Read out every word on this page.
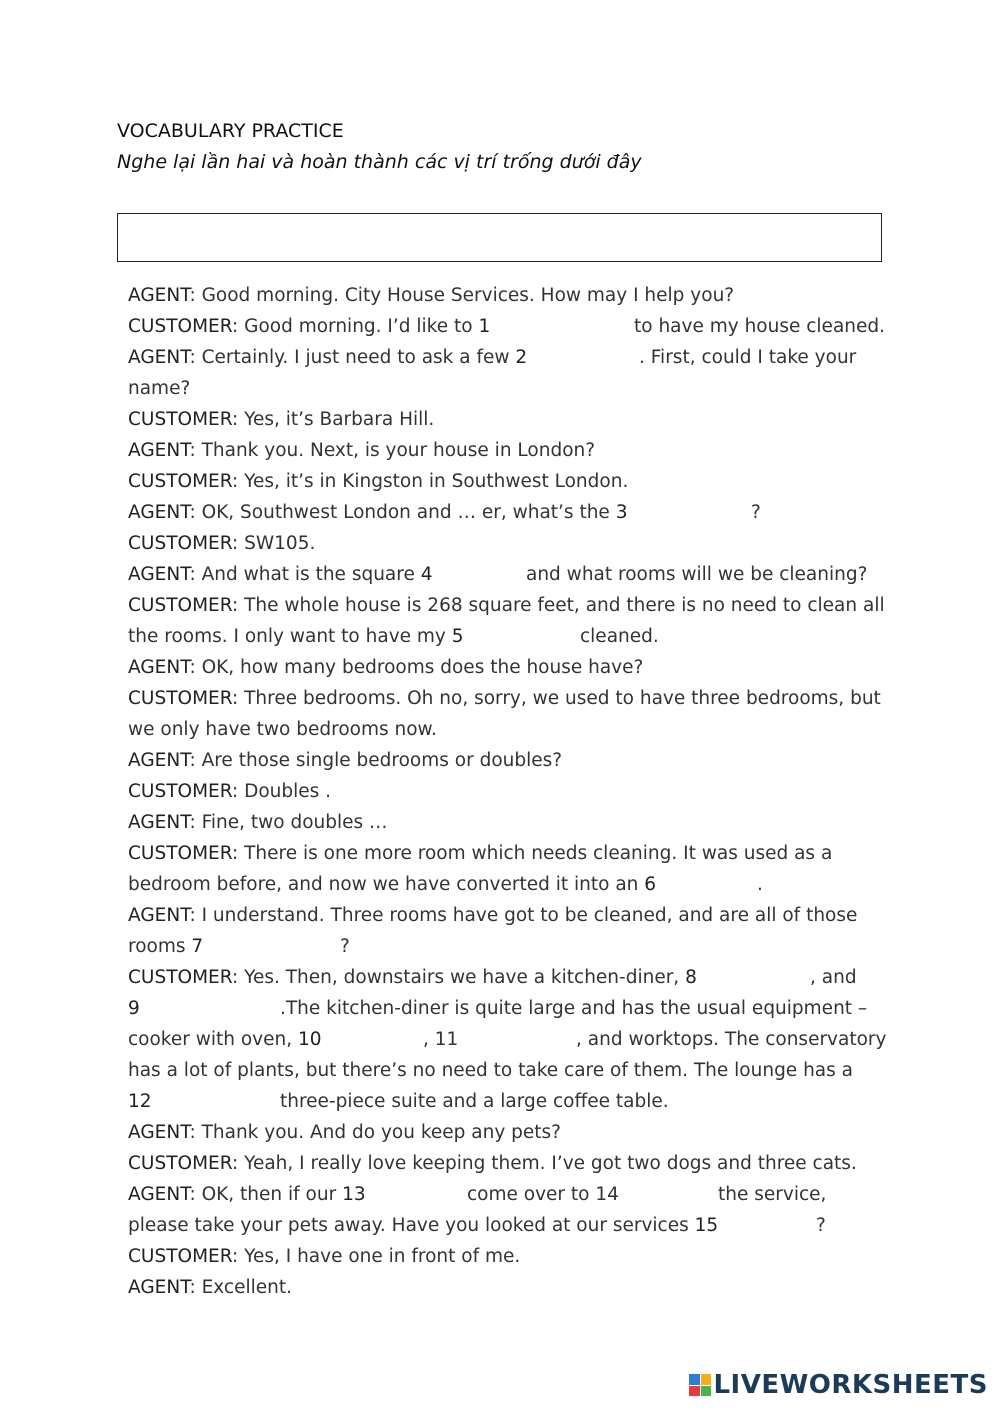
VOCABULARY PRACTICE
Nghe lại lần hai và hoàn thành các vị trí trống dưới đây
AGENT: Good morning. City House Services. How may I help you?
CUSTOMER: Good morning. I’d like to 1	to have my house cleaned.
AGENT: Certainly. I just need to ask a few 2	. First, could I take your
name?
CUSTOMER: Yes, it’s Barbara Hill.
AGENT: Thank you. Next, is your house in London?
CUSTOMER: Yes, it’s in Kingston in Southwest London.
AGENT: OK, Southwest London and … er, what’s the 3	?
CUSTOMER: SW105.
AGENT: And what is the square 4	and what rooms will we be cleaning?
CUSTOMER: The whole house is 268 square feet, and there is no need to clean all
the rooms. I only want to have my 5	cleaned.
AGENT: OK, how many bedrooms does the house have?
CUSTOMER: Three bedrooms. Oh no, sorry, we used to have three bedrooms, but
we only have two bedrooms now.
AGENT: Are those single bedrooms or doubles?
CUSTOMER: Doubles .
AGENT: Fine, two doubles …
CUSTOMER: There is one more room which needs cleaning. It was used as a
bedroom before, and now we have converted it into an 6	.
AGENT: I understand. Three rooms have got to be cleaned, and are all of those
rooms 7	?
CUSTOMER: Yes. Then, downstairs we have a kitchen-diner, 8	, and
9	.The kitchen-diner is quite large and has the usual equipment –
cooker with oven, 10	, 11	, and worktops. The conservatory
has a lot of plants, but there’s no need to take care of them. The lounge has a
12	three-piece suite and a large coffee table.
AGENT: Thank you. And do you keep any pets?
CUSTOMER: Yeah, I really love keeping them. I’ve got two dogs and three cats.
AGENT: OK, then if our 13	come over to 14	the service,
please take your pets away. Have you looked at our services 15	?
CUSTOMER: Yes, I have one in front of me.
AGENT: Excellent.
LIVEWORKSHEETS
